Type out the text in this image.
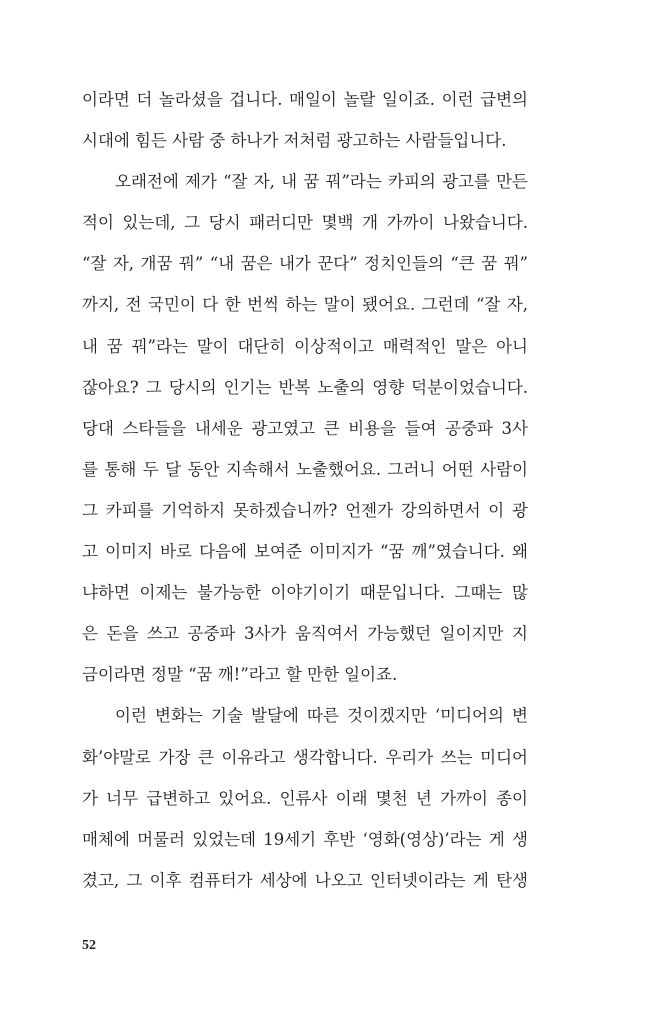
이라면 더 놀라셨을 겁니다. 매일이 놀랄 일이죠. 이런 급변의
시대에 힘든 사람 중 하나가 저처럼 광고하는 사람들입니다.
오래전에 제가 “잘 자, 내 꿈 꿔”라는 카피의 광고를 만든
적이 있는데, 그 당시 패러디만 몇백 개 가까이 나왔습니다.
“잘 자, 개꿈 꿔” “내 꿈은 내가 꾼다” 정치인들의 “큰 꿈 꿔”
까지, 전 국민이 다 한 번씩 하는 말이 됐어요. 그런데 “잘 자,
내 꿈 꿔”라는 말이 대단히 이상적이고 매력적인 말은 아니
잖아요? 그 당시의 인기는 반복 노출의 영향 덕분이었습니다.
당대 스타들을 내세운 광고였고 큰 비용을 들여 공중파 3사
를 통해 두 달 동안 지속해서 노출했어요. 그러니 어떤 사람이
그 카피를 기억하지 못하겠습니까? 언젠가 강의하면서 이 광
고 이미지 바로 다음에 보여준 이미지가 “꿈 깨”였습니다. 왜
냐하면 이제는 불가능한 이야기이기 때문입니다. 그때는 많
은 돈을 쓰고 공중파 3사가 움직여서 가능했던 일이지만 지
금이라면 정말 “꿈 깨!”라고 할 만한 일이죠.
이런 변화는 기술 발달에 따른 것이겠지만 ‘미디어의 변
화’야말로 가장 큰 이유라고 생각합니다. 우리가 쓰는 미디어
가 너무 급변하고 있어요. 인류사 이래 몇천 년 가까이 종이
매체에 머물러 있었는데 19세기 후반 ‘영화(영상)’라는 게 생
겼고, 그 이후 컴퓨터가 세상에 나오고 인터넷이라는 게 탄생
52
